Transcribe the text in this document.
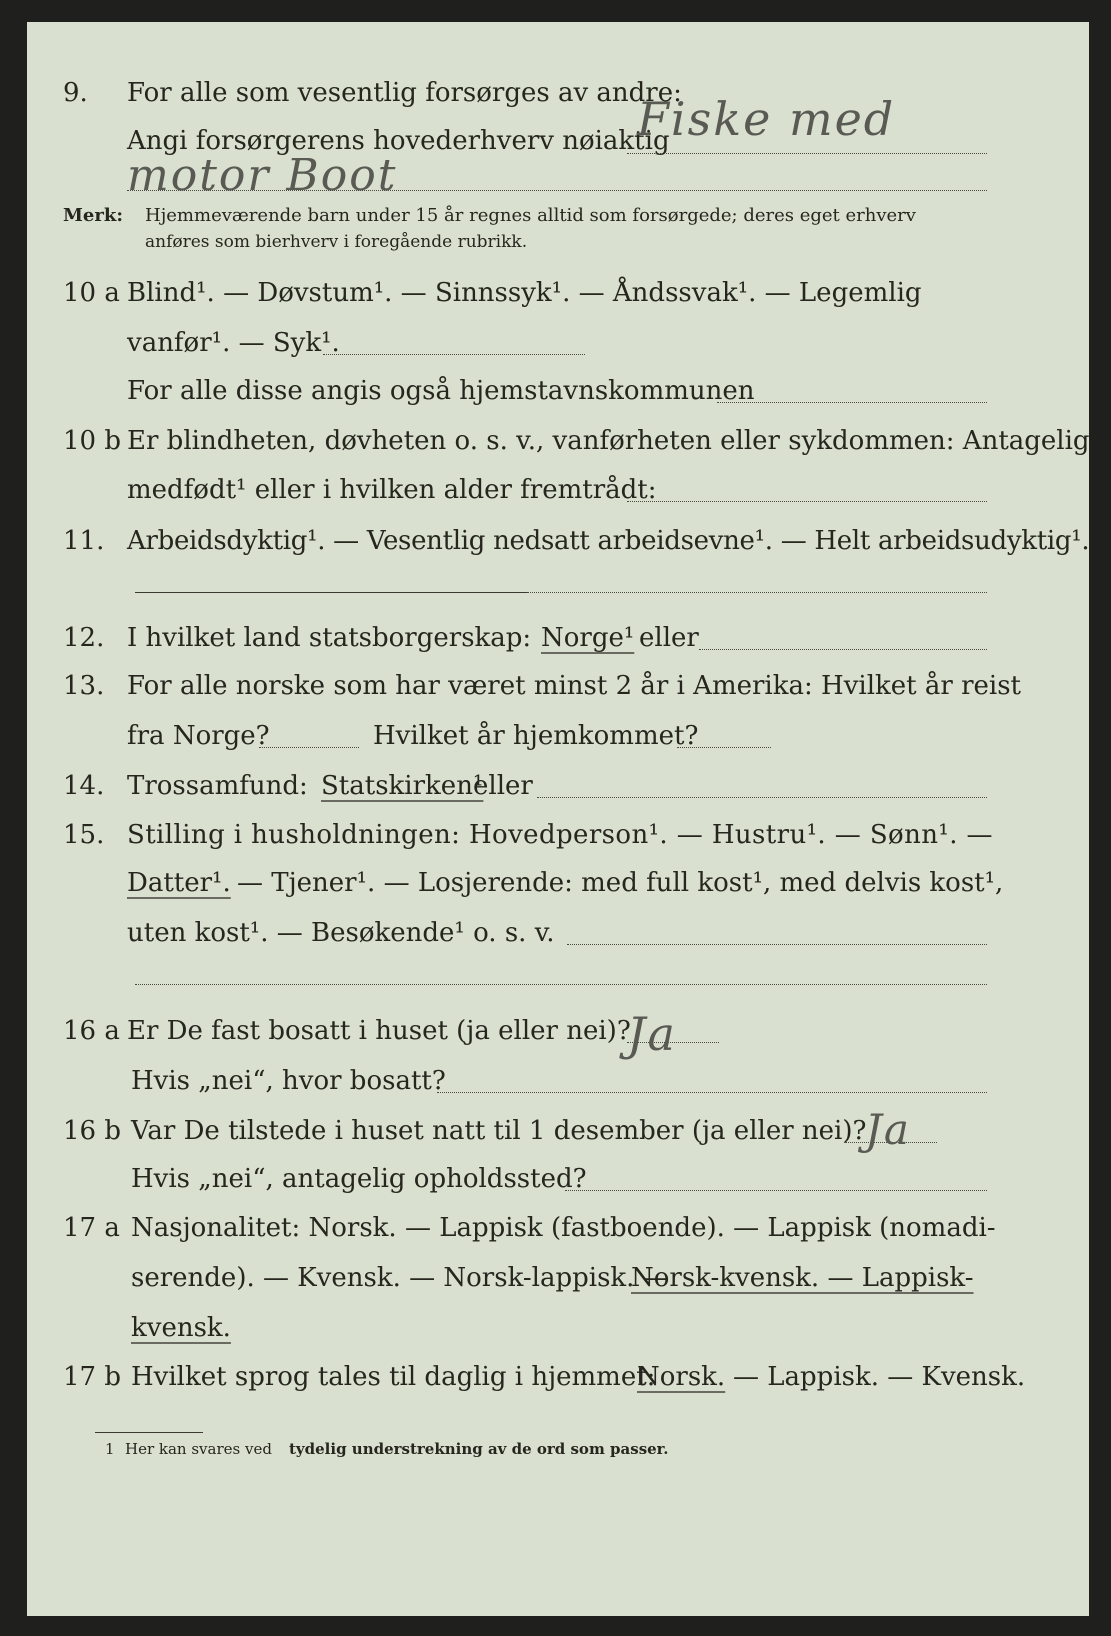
9. For alle som vesentlig forsørges av andre:
Angi forsørgerens hovederhverv nøiaktig
Fiske med
motor Boot
Merk: Hjemmeværende barn under 15 år regnes alltid som forsørgede; deres eget erhverv
anføres som bierhverv i foregående rubrikk.
10 a Blind¹. — Døvstum¹. — Sinnssyk¹. — Åndssvak¹. — Legemlig
vanfør¹. — Syk¹.
For alle disse angis også hjemstavnskommunen
10 b Er blindheten, døvheten o. s. v., vanførheten eller sykdommen: Antagelig
medfødt¹ eller i hvilken alder fremtrådt:
11. Arbeidsdyktig¹. — Vesentlig nedsatt arbeidsevne¹. — Helt arbeidsudyktig¹.
12. I hvilket land statsborgerskap: Norge¹ eller
13. For alle norske som har været minst 2 år i Amerika: Hvilket år reist
fra Norge?	Hvilket år hjemkommet?
14. Trossamfund: Statskirken¹
eller
15. Stilling i husholdningen: Hovedperson¹. — Hustru¹. — Sønn¹. —
Datter¹. — Tjener¹. — Losjerende: med full kost¹, med delvis kost¹,
uten kost¹. — Besøkende¹ o. s. v.
16 a Er De fast bosatt i huset (ja eller nei)?
Ja
Hvis „nei“, hvor bosatt?
16 b Var De tilstede i huset natt til 1 desember (ja eller nei)?
Ja
Hvis „nei“, antagelig opholdssted?
17 a Nasjonalitet: Norsk. — Lappisk (fastboende). — Lappisk (nomadi-
serende). — Kvensk. — Norsk-lappisk. —
Norsk-kvensk. — Lappisk-
kvensk.
17 b Hvilket sprog tales til daglig i hjemmet:
Norsk. — Lappisk. — Kvensk.
1 Her kan svares ved tydelig understrekning av de ord som passer.
